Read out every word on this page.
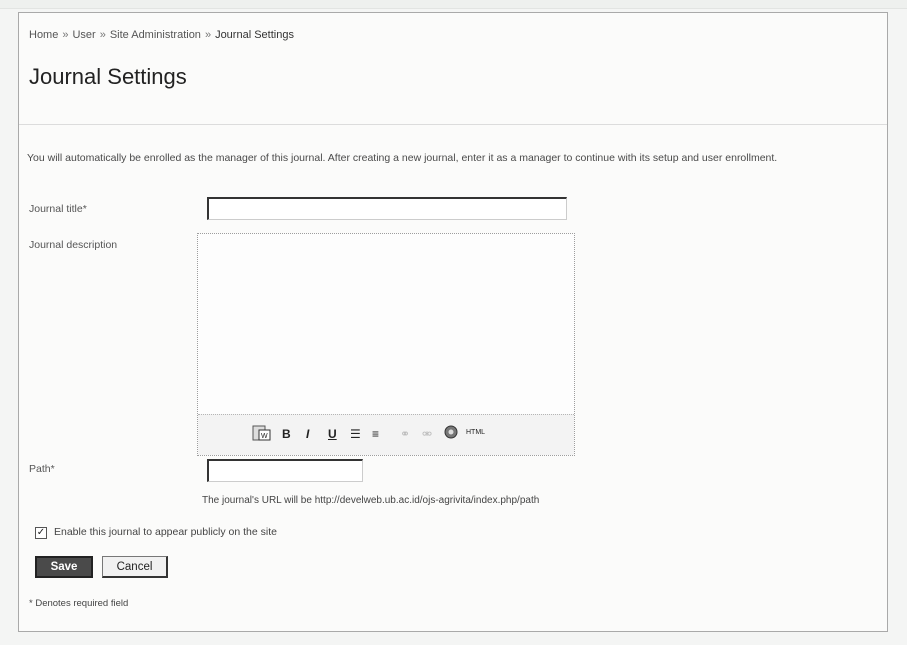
Home » User » Site Administration » Journal Settings
Journal Settings
You will automatically be enrolled as the manager of this journal. After creating a new journal, enter it as a manager to continue with its setup and user enrollment.
Journal title*
Journal description
W B I U ☰ ≡ ⚭ ⚮	HTML
Path*
The journal's URL will be http://develweb.ub.ac.id/ojs-agrivita/index.php/path
✓ Enable this journal to appear publicly on the site
Save	Cancel
* Denotes required field
